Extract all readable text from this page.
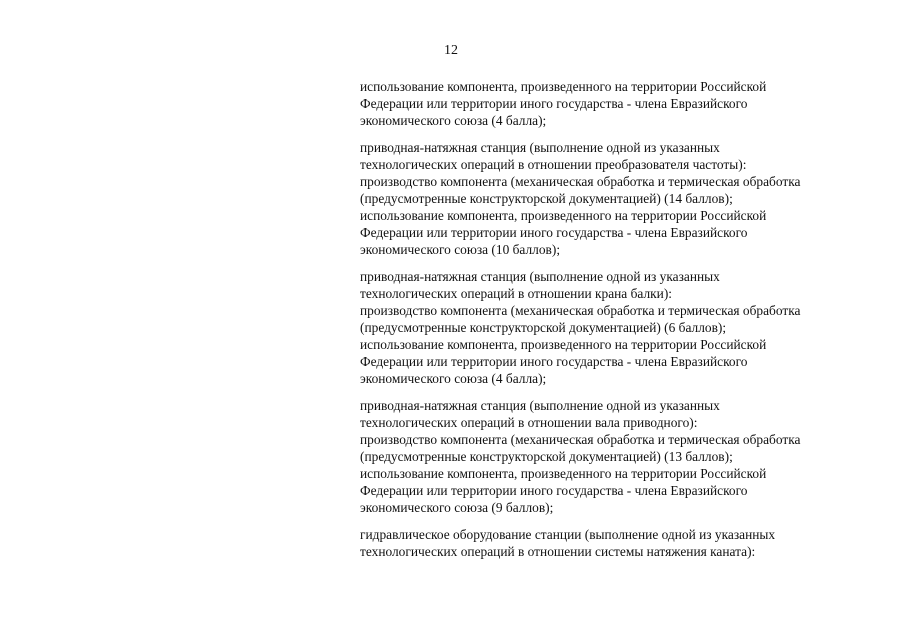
12

использование компонента, произведенного на территории Российской
Федерации или территории иного государства - члена Евразийского
экономического союза (4 балла);

приводная-натяжная станция (выполнение одной из указанных
технологических операций в отношении преобразователя частоты):
производство компонента (механическая обработка и термическая обработка
(предусмотренные конструкторской документацией) (14 баллов);
использование компонента, произведенного на территории Российской
Федерации или территории иного государства - члена Евразийского
экономического союза (10 баллов);

приводная-натяжная станция (выполнение одной из указанных
технологических операций в отношении крана балки):
производство компонента (механическая обработка и термическая обработка
(предусмотренные конструкторской документацией) (6 баллов);
использование компонента, произведенного на территории Российской
Федерации или территории иного государства - члена Евразийского
экономического союза (4 балла);

приводная-натяжная станция (выполнение одной из указанных
технологических операций в отношении вала приводного):
производство компонента (механическая обработка и термическая обработка
(предусмотренные конструкторской документацией) (13 баллов);
использование компонента, произведенного на территории Российской
Федерации или территории иного государства - члена Евразийского
экономического союза (9 баллов);

гидравлическое оборудование станции (выполнение одной из указанных
технологических операций в отношении системы натяжения каната):
